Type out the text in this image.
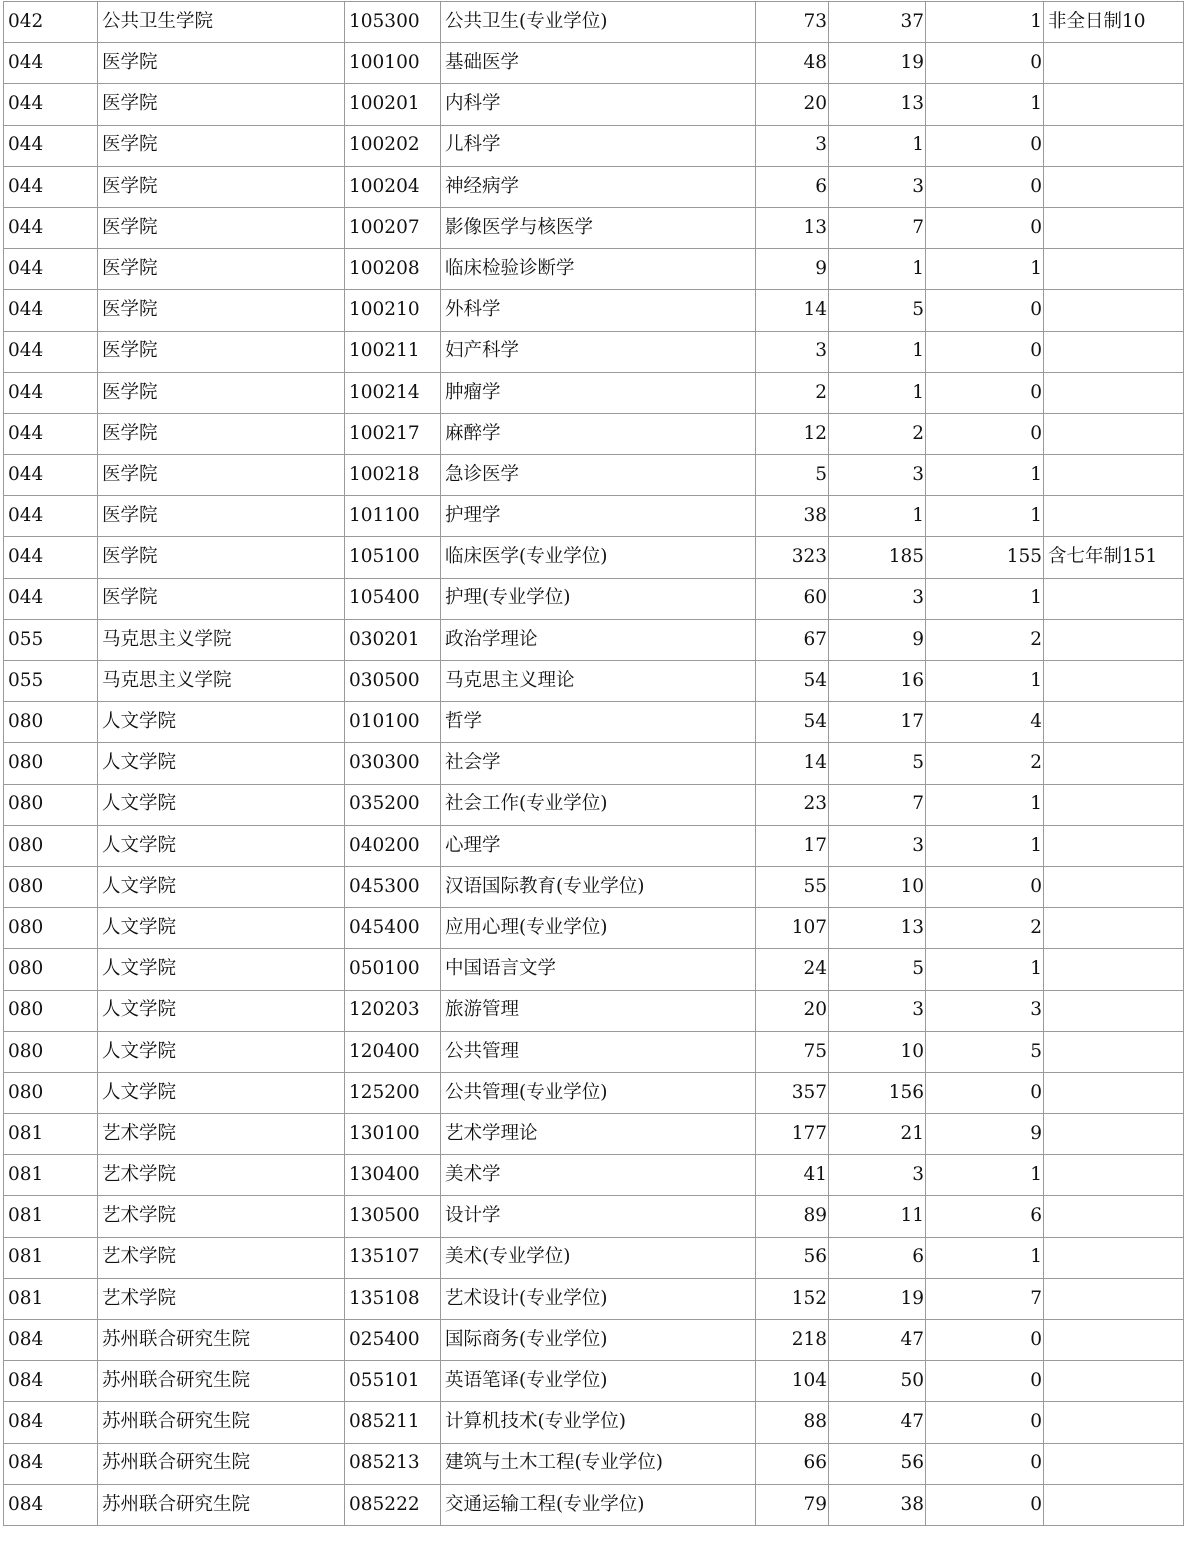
042	公共卫生学院	105300	公共卫生(专业学位)	73	37	1	非全日制10
044	医学院	100100	基础医学	48	19	0	
044	医学院	100201	内科学	20	13	1	
044	医学院	100202	儿科学	3	1	0	
044	医学院	100204	神经病学	6	3	0	
044	医学院	100207	影像医学与核医学	13	7	0	
044	医学院	100208	临床检验诊断学	9	1	1	
044	医学院	100210	外科学	14	5	0	
044	医学院	100211	妇产科学	3	1	0	
044	医学院	100214	肿瘤学	2	1	0	
044	医学院	100217	麻醉学	12	2	0	
044	医学院	100218	急诊医学	5	3	1	
044	医学院	101100	护理学	38	1	1	
044	医学院	105100	临床医学(专业学位)	323	185	155	含七年制151
044	医学院	105400	护理(专业学位)	60	3	1	
055	马克思主义学院	030201	政治学理论	67	9	2	
055	马克思主义学院	030500	马克思主义理论	54	16	1	
080	人文学院	010100	哲学	54	17	4	
080	人文学院	030300	社会学	14	5	2	
080	人文学院	035200	社会工作(专业学位)	23	7	1	
080	人文学院	040200	心理学	17	3	1	
080	人文学院	045300	汉语国际教育(专业学位)	55	10	0	
080	人文学院	045400	应用心理(专业学位)	107	13	2	
080	人文学院	050100	中国语言文学	24	5	1	
080	人文学院	120203	旅游管理	20	3	3	
080	人文学院	120400	公共管理	75	10	5	
080	人文学院	125200	公共管理(专业学位)	357	156	0	
081	艺术学院	130100	艺术学理论	177	21	9	
081	艺术学院	130400	美术学	41	3	1	
081	艺术学院	130500	设计学	89	11	6	
081	艺术学院	135107	美术(专业学位)	56	6	1	
081	艺术学院	135108	艺术设计(专业学位)	152	19	7	
084	苏州联合研究生院	025400	国际商务(专业学位)	218	47	0	
084	苏州联合研究生院	055101	英语笔译(专业学位)	104	50	0	
084	苏州联合研究生院	085211	计算机技术(专业学位)	88	47	0	
084	苏州联合研究生院	085213	建筑与土木工程(专业学位)	66	56	0	
084	苏州联合研究生院	085222	交通运输工程(专业学位)	79	38	0	
